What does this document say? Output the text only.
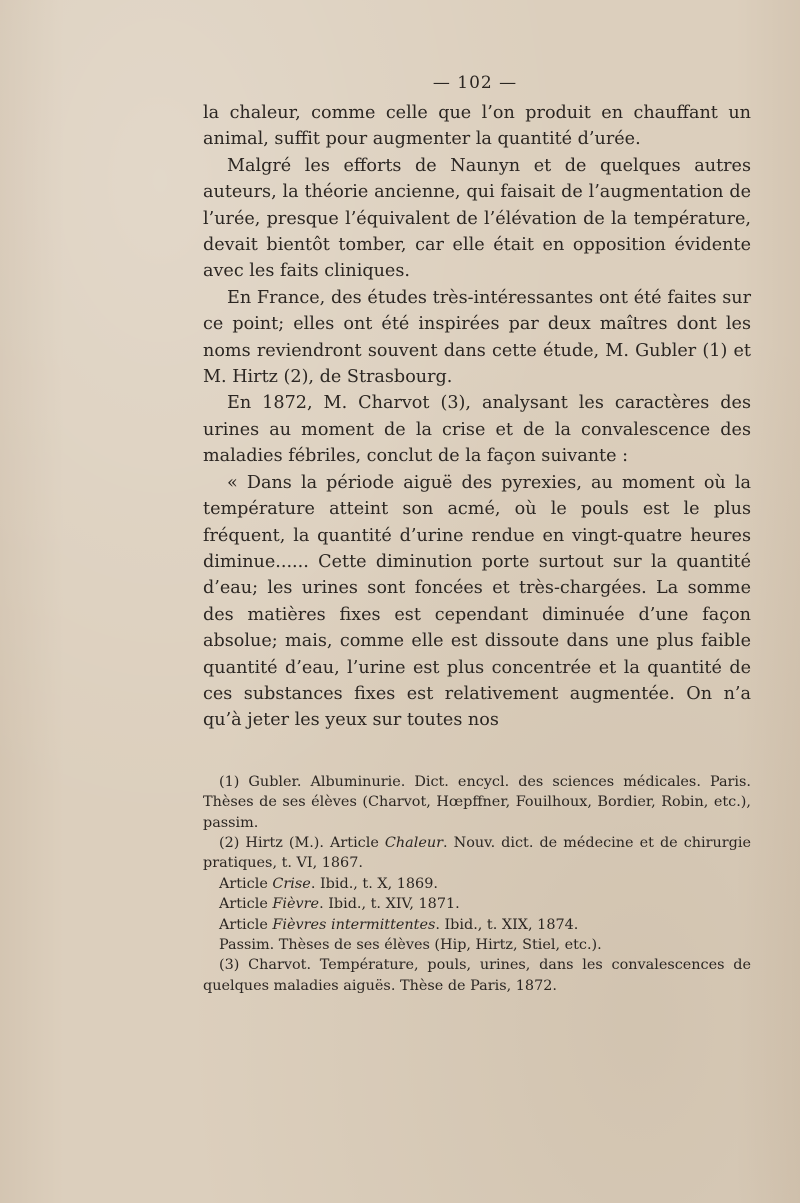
— 102 —

la chaleur, comme celle que l’on produit en chauffant un animal, suffit pour augmenter la quantité d’urée.

Malgré les efforts de Naunyn et de quelques autres auteurs, la théorie ancienne, qui faisait de l’augmentation de l’urée, presque l’équivalent de l’élévation de la température, devait bientôt tomber, car elle était en opposition évidente avec les faits cliniques.

En France, des études très-intéressantes ont été faites sur ce point; elles ont été inspirées par deux maîtres dont les noms reviendront souvent dans cette étude, M. Gubler (1) et M. Hirtz (2), de Strasbourg.

En 1872, M. Charvot (3), analysant les caractères des urines au moment de la crise et de la convalescence des maladies fébriles, conclut de la façon suivante :

« Dans la période aiguë des pyrexies, au moment où la température atteint son acmé, où le pouls est le plus fréquent, la quantité d’urine rendue en vingt-quatre heures diminue...... Cette diminution porte surtout sur la quantité d’eau; les urines sont foncées et très-chargées. La somme des matières fixes est cependant diminuée d’une façon absolue; mais, comme elle est dissoute dans une plus faible quantité d’eau, l’urine est plus concentrée et la quantité de ces substances fixes est relativement augmentée. On n’a qu’à jeter les yeux sur toutes nos

(1) Gubler. Albuminurie. Dict. encycl. des sciences médicales. Paris. Thèses de ses élèves (Charvot, Hœpffner, Fouilhoux, Bordier, Robin, etc.), passim.

(2) Hirtz (M.). Article Chaleur. Nouv. dict. de médecine et de chirurgie pratiques, t. VI, 1867.

Article Crise. Ibid., t. X, 1869.

Article Fièvre. Ibid., t. XIV, 1871.

Article Fièvres intermittentes. Ibid., t. XIX, 1874.

Passim. Thèses de ses élèves (Hip, Hirtz, Stiel, etc.).

(3) Charvot. Température, pouls, urines, dans les convalescences de quelques maladies aiguës. Thèse de Paris, 1872.
